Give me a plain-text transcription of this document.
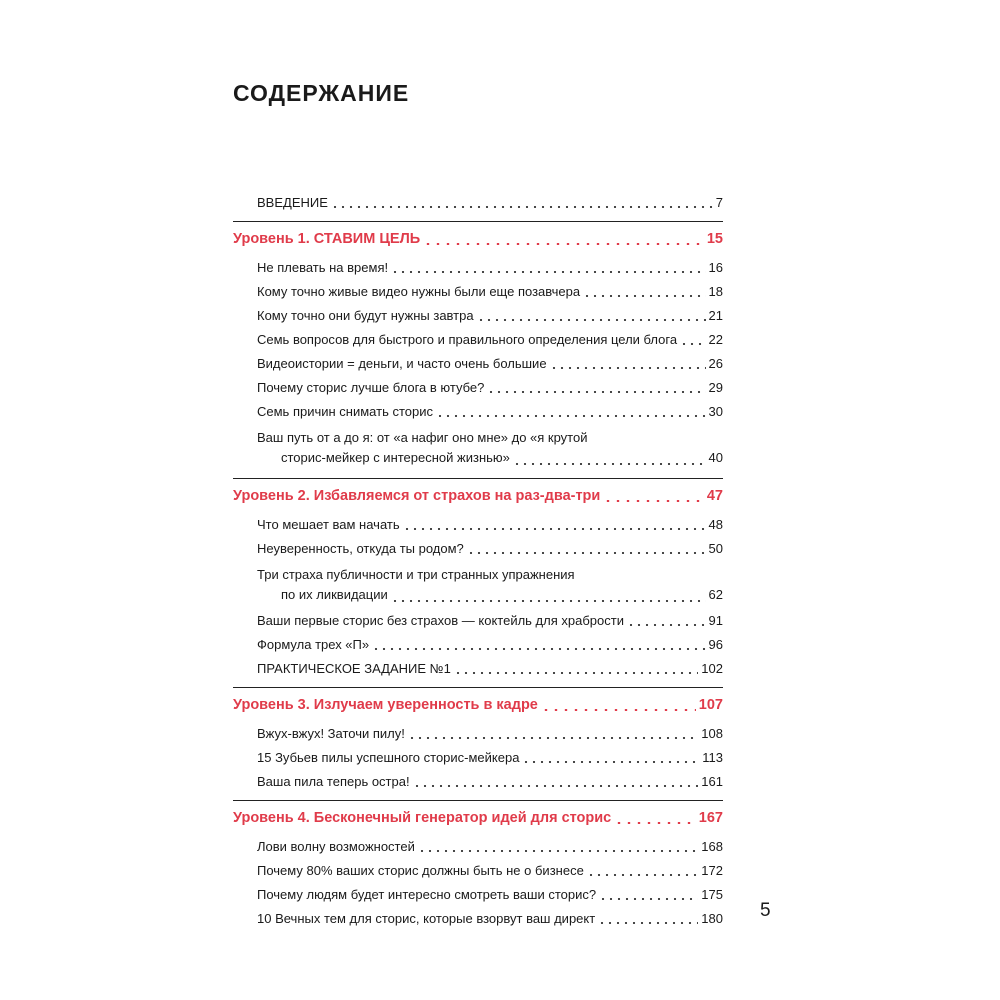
СОДЕРЖАНИЕ
ВВЕДЕНИЕ	7
Уровень 1. СТАВИМ ЦЕЛЬ	15
Не плевать на время!	16
Кому точно живые видео нужны были еще позавчера	18
Кому точно они будут нужны завтра	21
Семь вопросов для быстрого и правильного определения цели блога 22
Видеоистории = деньги, и часто очень большие	26
Почему сторис лучше блога в ютубе?	29
Семь причин снимать сторис	30
Ваш путь от а до я: от «а нафиг оно мне» до «я крутой
сторис-мейкер с интересной жизнью»	40
Уровень 2. Избавляемся от страхов на раз-два-три	47
Что мешает вам начать	48
Неуверенность, откуда ты родом?	50
Три страха публичности и три странных упражнения
по их ликвидации	62
Ваши первые сторис без страхов — коктейль для храбрости	91
Формула трех «П»	96
ПРАКТИЧЕСКОЕ ЗАДАНИЕ №1	102
Уровень 3. Излучаем уверенность в кадре	107
Вжух-вжух! Заточи пилу!	108
15 Зубьев пилы успешного сторис-мейкера	113
Ваша пила теперь остра!	161
Уровень 4. Бесконечный генератор идей для сторис	167
Лови волну возможностей	168
Почему 80% ваших сторис должны быть не о бизнесе	172
Почему людям будет интересно смотреть ваши сторис?	175
10 Вечных тем для сторис, которые взорвут ваш директ	180 5
